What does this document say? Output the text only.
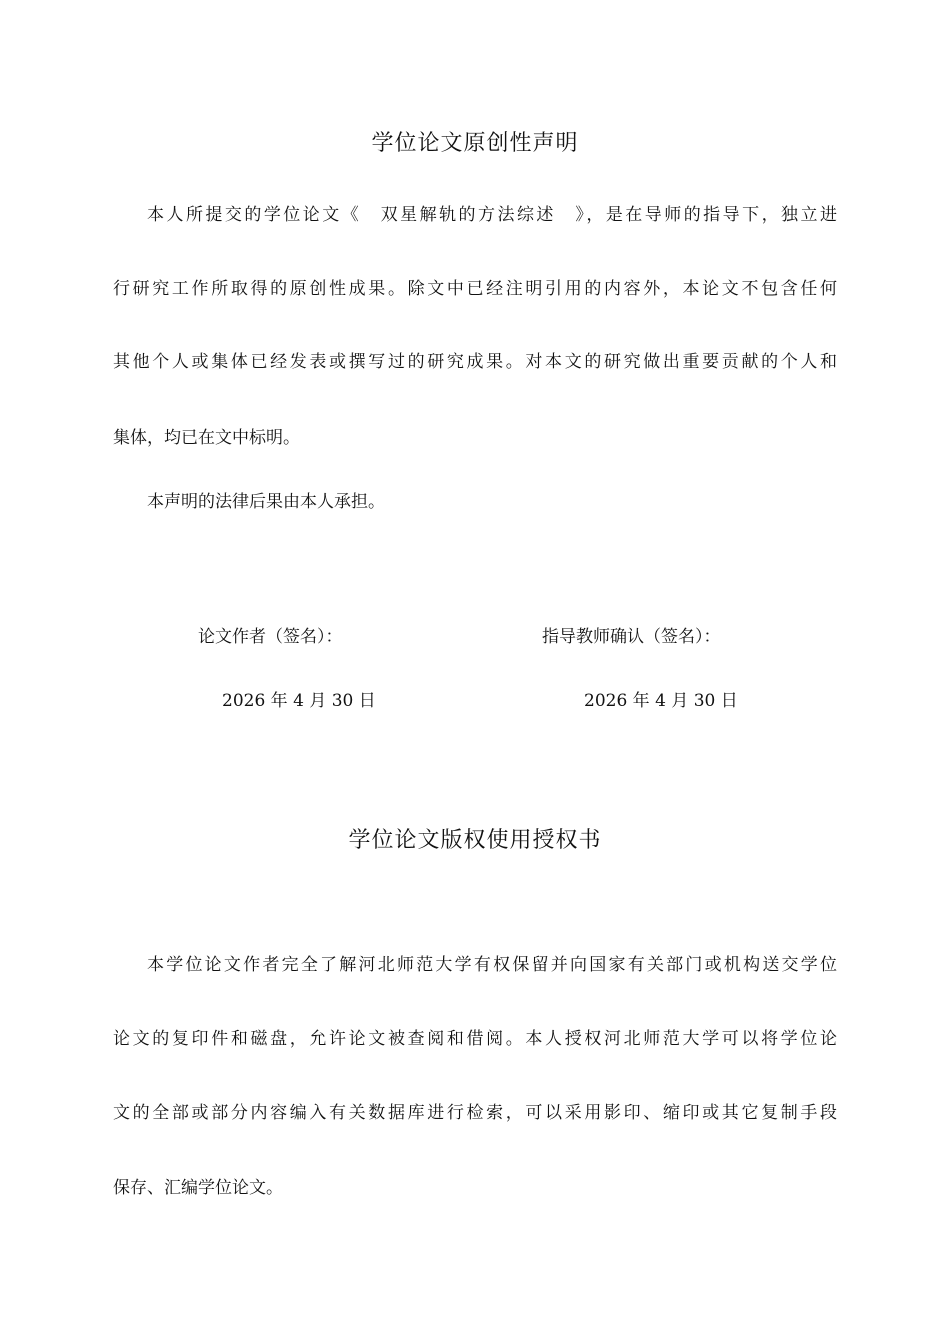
学位论文原创性声明

本人所提交的学位论文《　双星解轨的方法综述　》，是在导师的指导下，独立进

行研究工作所取得的原创性成果。除文中已经注明引用的内容外，本论文不包含任何

其他个人或集体已经发表或撰写过的研究成果。对本文的研究做出重要贡献的个人和

集体，均已在文中标明。

本声明的法律后果由本人承担。

论文作者（签名）：	指导教师确认（签名）：

2026 年 4 月 30 日	2026 年 4 月 30 日

学位论文版权使用授权书

本学位论文作者完全了解河北师范大学有权保留并向国家有关部门或机构送交学位

论文的复印件和磁盘，允许论文被查阅和借阅。本人授权河北师范大学可以将学位论

文的全部或部分内容编入有关数据库进行检索，可以采用影印、缩印或其它复制手段

保存、汇编学位论文。
